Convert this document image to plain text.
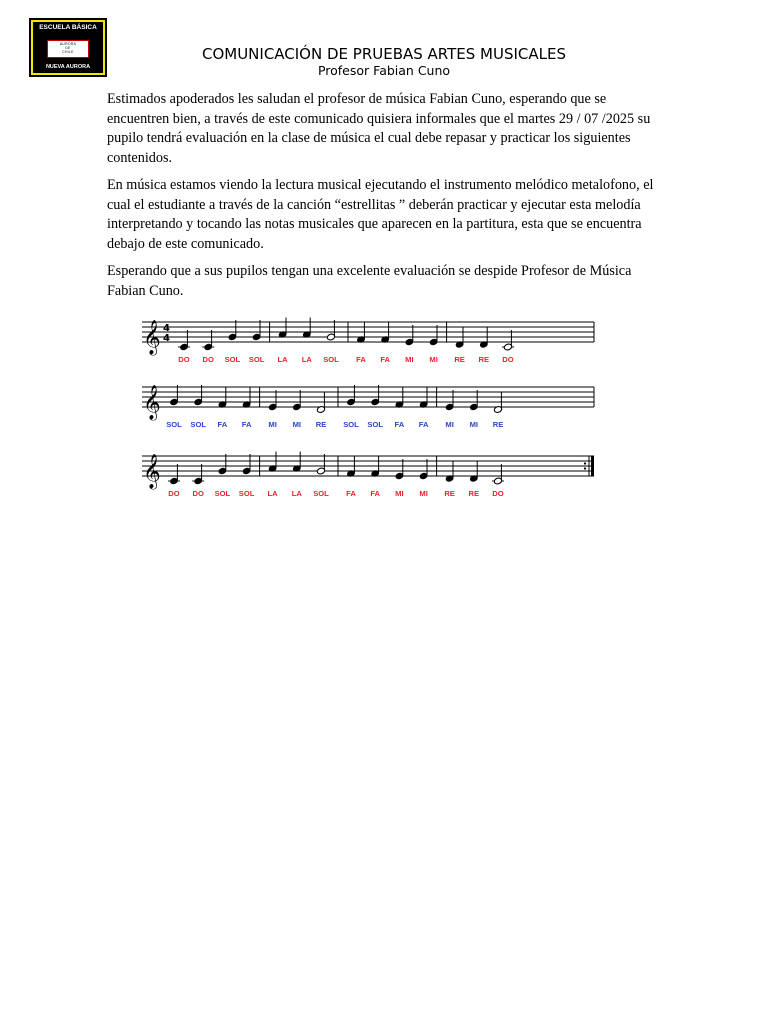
ESCUELA BÁSICA
AURORA
DE
CHILE
NUEVA AURORA
COMUNICACIÓN DE PRUEBAS ARTES MUSICALES
Profesor Fabian Cuno

Estimados apoderados les saludan el profesor de música Fabian Cuno, esperando que se encuentren bien, a través de este comunicado quisiera informales que el martes 29 / 07 /2025 su pupilo tendrá evaluación en la clase de música el cual debe repasar y practicar los siguientes contenidos.

En música estamos viendo la lectura musical ejecutando el instrumento melódico metalofono, el cual el estudiante a través de la canción “estrellitas ” deberán practicar y ejecutar esta melodía interpretando y tocando las notas musicales que aparecen en la partitura, esta que se encuentra debajo de este comunicado.

Esperando que a sus pupilos tengan una excelente evaluación se despide Profesor de Música Fabian Cuno.

𝄞 4
4
DO DO SOL SOL LA LA SOL FA FA MI MI RE RE DO
𝄞
SOL SOL FA FA MI MI RE SOL SOL FA FA MI MI RE
𝄞
DO DO SOL SOL LA LA SOL FA FA MI MI RE RE DO
